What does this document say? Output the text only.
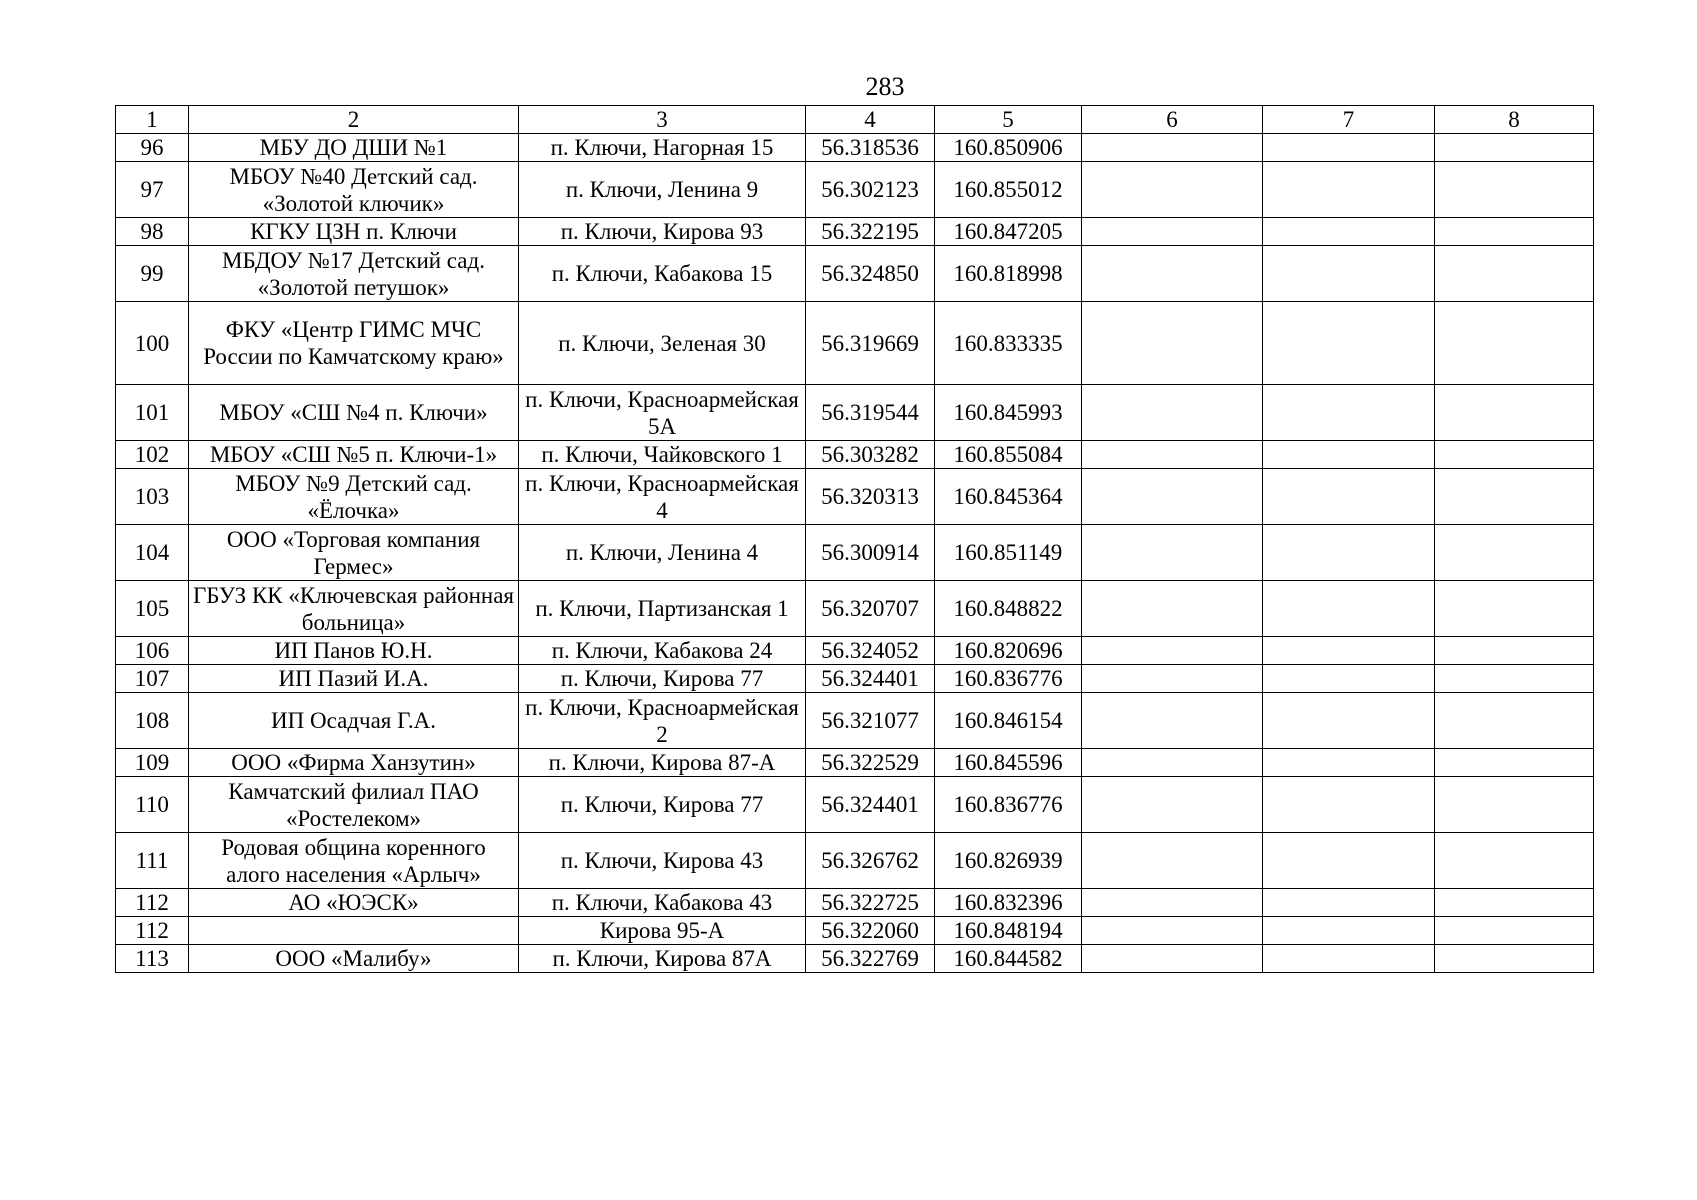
283
1	2	3	4	5	6	7	8
96	МБУ ДО ДШИ №1	п. Ключи, Нагорная 15	56.318536	160.850906			
97	МБОУ №40 Детский сад. «Золотой ключик»	п. Ключи, Ленина 9	56.302123	160.855012			
98	КГКУ ЦЗН п. Ключи	п. Ключи, Кирова 93	56.322195	160.847205			
99	МБДОУ №17 Детский сад. «Золотой петушок»	п. Ключи, Кабакова 15	56.324850	160.818998			
100	ФКУ «Центр ГИМС МЧС России по Камчатскому краю»	п. Ключи, Зеленая 30	56.319669	160.833335			
101	МБОУ «СШ №4 п. Ключи»	п. Ключи, Красноармейская 5А	56.319544	160.845993			
102	МБОУ «СШ №5 п. Ключи-1»	п. Ключи, Чайковского 1	56.303282	160.855084			
103	МБОУ №9 Детский сад. «Ёлочка»	п. Ключи, Красноармейская 4	56.320313	160.845364			
104	ООО «Торговая компания Гермес»	п. Ключи, Ленина 4	56.300914	160.851149			
105	ГБУЗ КК «Ключевская районная больница»	п. Ключи, Партизанская 1	56.320707	160.848822			
106	ИП Панов Ю.Н.	п. Ключи, Кабакова 24	56.324052	160.820696			
107	ИП Пазий И.А.	п. Ключи, Кирова 77	56.324401	160.836776			
108	ИП Осадчая Г.А.	п. Ключи, Красноармейская 2	56.321077	160.846154			
109	ООО «Фирма Ханзутин»	п. Ключи, Кирова 87-А	56.322529	160.845596			
110	Камчатский филиал ПАО «Ростелеком»	п. Ключи, Кирова 77	56.324401	160.836776			
111	Родовая община коренного алого населения «Арлыч»	п. Ключи, Кирова 43	56.326762	160.826939			
112	АО «ЮЭСК»	п. Ключи, Кабакова 43	56.322725	160.832396			
112		Кирова 95-А	56.322060	160.848194			
113	ООО «Малибу»	п. Ключи, Кирова 87А	56.322769	160.844582			
